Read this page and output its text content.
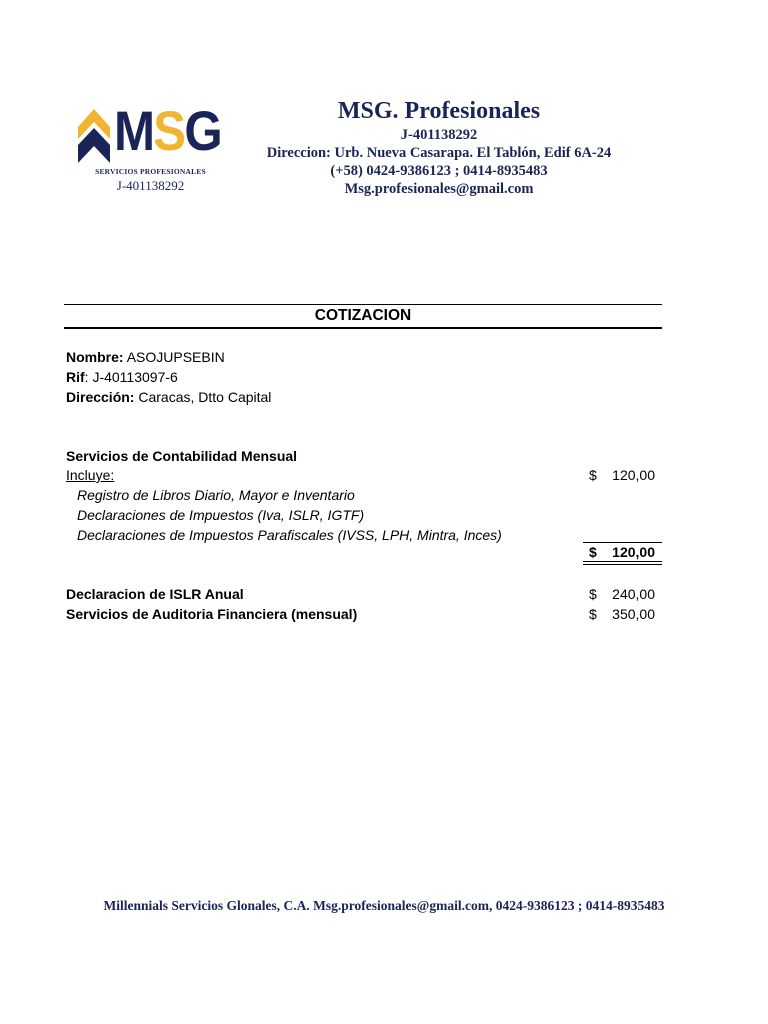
MSG
SERVICIOS PROFESIONALES
J-401138292
MSG. Profesionales
J-401138292
Direccion: Urb. Nueva Casarapa. El Tablón, Edif 6A-24
(+58) 0424-9386123 ; 0414-8935483
Msg.profesionales@gmail.com
COTIZACION
Nombre: ASOJUPSEBIN
Rif: J-40113097-6
Dirección: Caracas, Dtto Capital
Servicios de Contabilidad Mensual
Incluye:	$ 120,00
Registro de Libros Diario, Mayor e Inventario
Declaraciones de Impuestos (Iva, ISLR, IGTF)
Declaraciones de Impuestos Parafiscales (IVSS, LPH, Mintra, Inces)
$ 120,00
Declaracion de ISLR Anual	$ 240,00
Servicios de Auditoria Financiera (mensual)	$ 350,00
Millennials Servicios Glonales, C.A. Msg.profesionales@gmail.com, 0424-9386123 ; 0414-8935483
